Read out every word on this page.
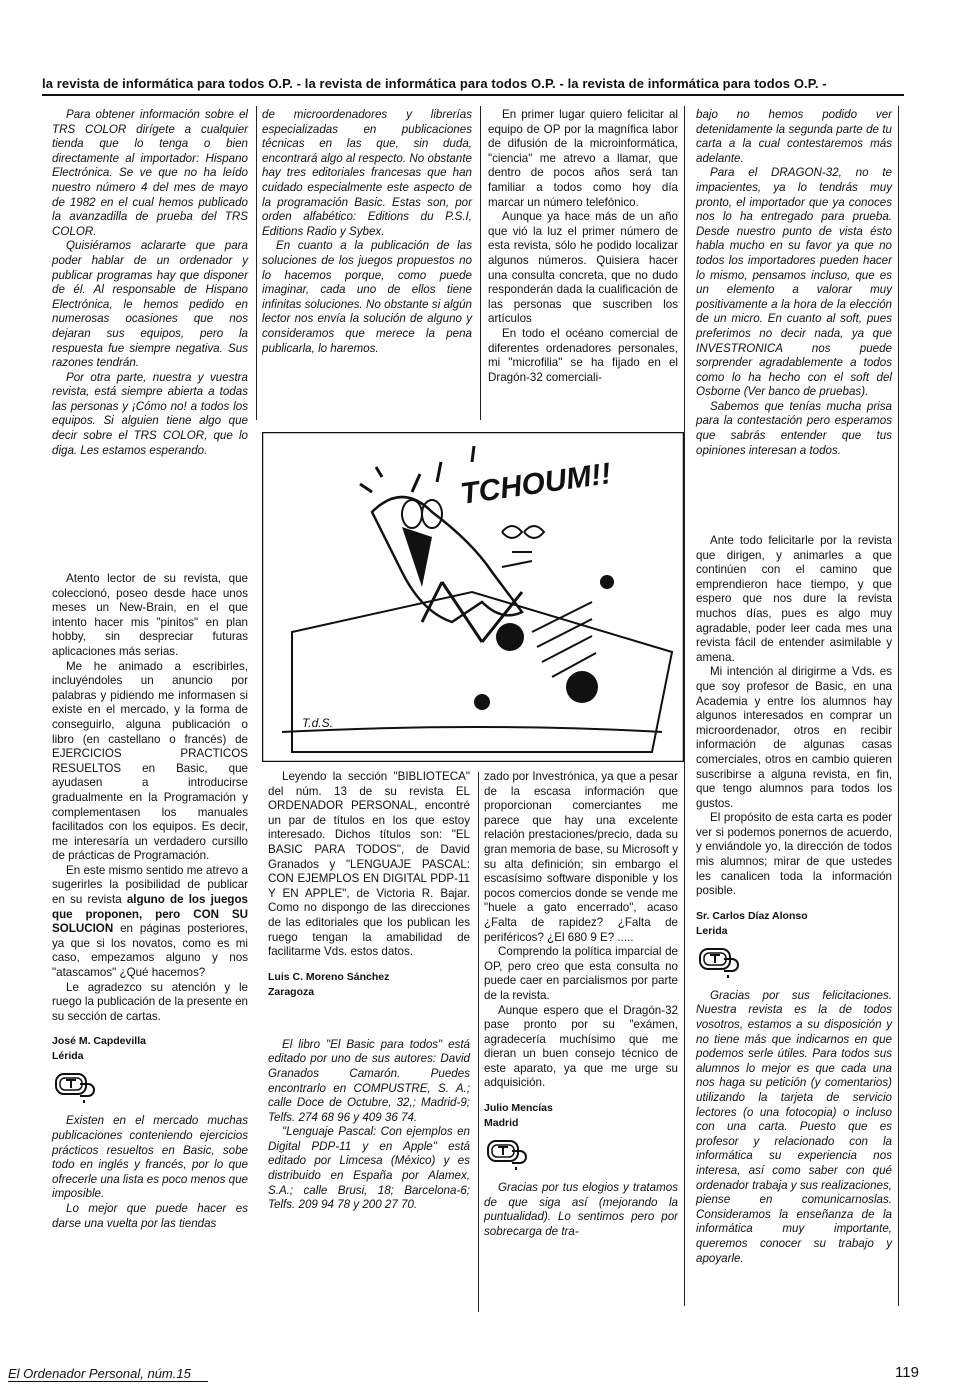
la revista de informática para todos O.P. - la revista de informática para todos O.P. - la revista de informática para todos O.P. -

Para obtener información sobre el TRS COLOR dirígete a cualquier tienda que lo tenga o bien directamente al importador: Hispano Electrónica. Se ve que no ha leído nuestro número 4 del mes de mayo de 1982 en el cual hemos publicado la avanzadilla de prueba del TRS COLOR.

Quisiéramos aclararte que para poder hablar de un ordenador y publicar programas hay que disponer de él. Al responsable de Hispano Electrónica, le hemos pedido en numerosas ocasiones que nos dejaran sus equipos, pero la respuesta fue siempre negativa. Sus razones tendrán.

Por otra parte, nuestra y vuestra revista, está siempre abierta a todas las personas y ¡Cómo no! a todos los equipos. Si alguien tiene algo que decir sobre el TRS COLOR, que lo diga. Les estamos esperando.

Atento lector de su revista, que coleccionó, poseo desde hace unos meses un New-Brain, en el que intento hacer mis "pinitos" en plan hobby, sin despreciar futuras aplicaciones más serias.

Me he animado a escribirles, incluyéndoles un anuncio por palabras y pidiendo me informasen si existe en el mercado, y la forma de conseguirlo, alguna publicación o libro (en castellano o francés) de EJERCICIOS PRACTICOS RESUELTOS en Basic, que ayudasen a introducirse gradualmente en la Programación y complementasen los manuales facilitados con los equipos. Es decir, me interesaría un verdadero cursillo de prácticas de Programación.

En este mismo sentido me atrevo a sugerirles la posibilidad de publicar en su revista alguno de los juegos que proponen, pero CON SU SOLUCION en páginas posteriores, ya que si los novatos, como es mi caso, empezamos alguno y nos "atascamos" ¿Qué hacemos?

Le agradezco su atención y le ruego la publicación de la presente en su sección de cartas.

José M. Capdevilla
Lérida

Existen en el mercado muchas publicaciones conteniendo ejercicios prácticos resueltos en Basic, sobe todo en inglés y francés, por lo que ofrecerle una lista es poco menos que imposible.

Lo mejor que puede hacer es darse una vuelta por las tiendas

de microordenadores y librerías especializadas en publicaciones técnicas en las que, sin duda, encontrará algo al respecto. No obstante hay tres editoriales francesas que han cuidado especialmente este aspecto de la programación Basic. Estas son, por orden alfabético: Editions du P.S.I, Editions Radio y Sybex.

En cuanto a la publicación de las soluciones de los juegos propuestos no lo hacemos porque, como puede imaginar, cada uno de ellos tiene infinitas soluciones. No obstante si algún lector nos envía la solución de alguno y consideramos que merece la pena publicarla, lo haremos.

En primer lugar quiero felicitar al equipo de OP por la magnífica labor de difusión de la microinformática, "ciencia" me atrevo a llamar, que dentro de pocos años será tan familiar a todos como hoy día marcar un número telefónico.

Aunque ya hace más de un año que vió la luz el primer número de esta revista, sólo he podido localizar algunos números. Quisiera hacer una consulta concreta, que no dudo responderán dada la cualificación de las personas que suscriben los artículos

En todo el océano comercial de diferentes ordenadores personales, mi "microfilia" se ha fijado en el Dragón-32 comerciali-

TCHOUM!!
T.d.S.

bajo no hemos podido ver detenidamente la segunda parte de tu carta a la cual contestaremos más adelante.

Para el DRAGON-32, no te impacientes, ya lo tendrás muy pronto, el importador que ya conoces nos lo ha entregado para prueba. Desde nuestro punto de vista ésto habla mucho en su favor ya que no todos los importadores pueden hacer lo mismo, pensamos incluso, que es un elemento a valorar muy positivamente a la hora de la elección de un micro. En cuanto al soft, pues preferimos no decir nada, ya que INVESTRONICA nos puede sorprender agradablemente a todos como lo ha hecho con el soft del Osborne (Ver banco de pruebas).

Sabemos que tenías mucha prisa para la contestación pero esperamos que sabrás entender que tus opiniones interesan a todos.

Ante todo felicitarle por la revista que dirigen, y animarles a que continúen con el camino que emprendieron hace tiempo, y que espero que nos dure la revista muchos días, pues es algo muy agradable, poder leer cada mes una revista fácil de entender asimilable y amena.

Mi intención al dirigirme a Vds. es que soy profesor de Basic, en una Academia y entre los alumnos hay algunos interesados en comprar un microordenador, otros en recibir información de algunas casas comerciales, otros en cambio quieren suscribirse a alguna revista, en fin, que tengo alumnos para todos los gustos.

El propósito de esta carta es poder ver si podemos ponernos de acuerdo, y enviándole yo, la dirección de todos mis alumnos; mirar de que ustedes les canalicen toda la información posible.

Sr. Carlos Díaz Alonso
Lerida

Gracias por sus felicitaciones. Nuestra revista es la de todos vosotros, estamos a su disposición y no tiene más que indicarnos en que podemos serle útiles. Para todos sus alumnos lo mejor es que cada una nos haga su petición (y comentarios) utilizando la tarjeta de servicio lectores (o una fotocopia) o incluso con una carta. Puesto que es profesor y relacionado con la informática su experiencia nos interesa, así como saber con qué ordenador trabaja y sus realizaciones, piense en comunicarnoslas. Consideramos la enseñanza de la informática muy importante, queremos conocer su trabajo y apoyarle.

Leyendo la sección "BIBLIOTECA" del núm. 13 de su revista EL ORDENADOR PERSONAL, encontré un par de títulos en los que estoy interesado. Dichos títulos son: "EL BASIC PARA TODOS", de David Granados y "LENGUAJE PASCAL: CON EJEMPLOS EN DIGITAL PDP-11 Y EN APPLE", de Victoria R. Bajar. Como no dispongo de las direcciones de las editoriales que los publican les ruego tengan la amabilidad de facilitarme Vds. estos datos.

Luis C. Moreno Sánchez
Zaragoza

El libro "El Basic para todos" está editado por uno de sus autores: David Granados Camarón. Puedes encontrarlo en COMPUSTRE, S. A.; calle Doce de Octubre, 32,; Madrid-9; Telfs. 274 68 96 y 409 36 74.

"Lenguaje Pascal: Con ejemplos en Digital PDP-11 y en Apple" está editado por Limcesa (México) y es distribuido en España por Alamex, S.A.; calle Brusi, 18; Barcelona-6; Telfs. 209 94 78 y 200 27 70.

zado por Investrónica, ya que a pesar de la escasa información que proporcionan comerciantes me parece que hay una excelente relación prestaciones/precio, dada su gran memoria de base, su Microsoft y su alta definición; sin embargo el escasísimo software disponible y los pocos comercios donde se vende me "huele a gato encerrado", acaso ¿Falta de rapidez? ¿Falta de periféricos? ¿El 680 9 E? .....

Comprendo la política imparcial de OP, pero creo que esta consulta no puede caer en parcialismos por parte de la revista.

Aunque espero que el Dragón-32 pase pronto por su "exámen, agradecería muchísimo que me dieran un buen consejo técnico de este aparato, ya que me urge su adquisición.

Julio Mencías
Madrid

Gracias por tus elogios y tratamos de que siga así (mejorando la puntualidad). Lo sentimos pero por sobrecarga de tra-

El Ordenador Personal, núm.15	119
